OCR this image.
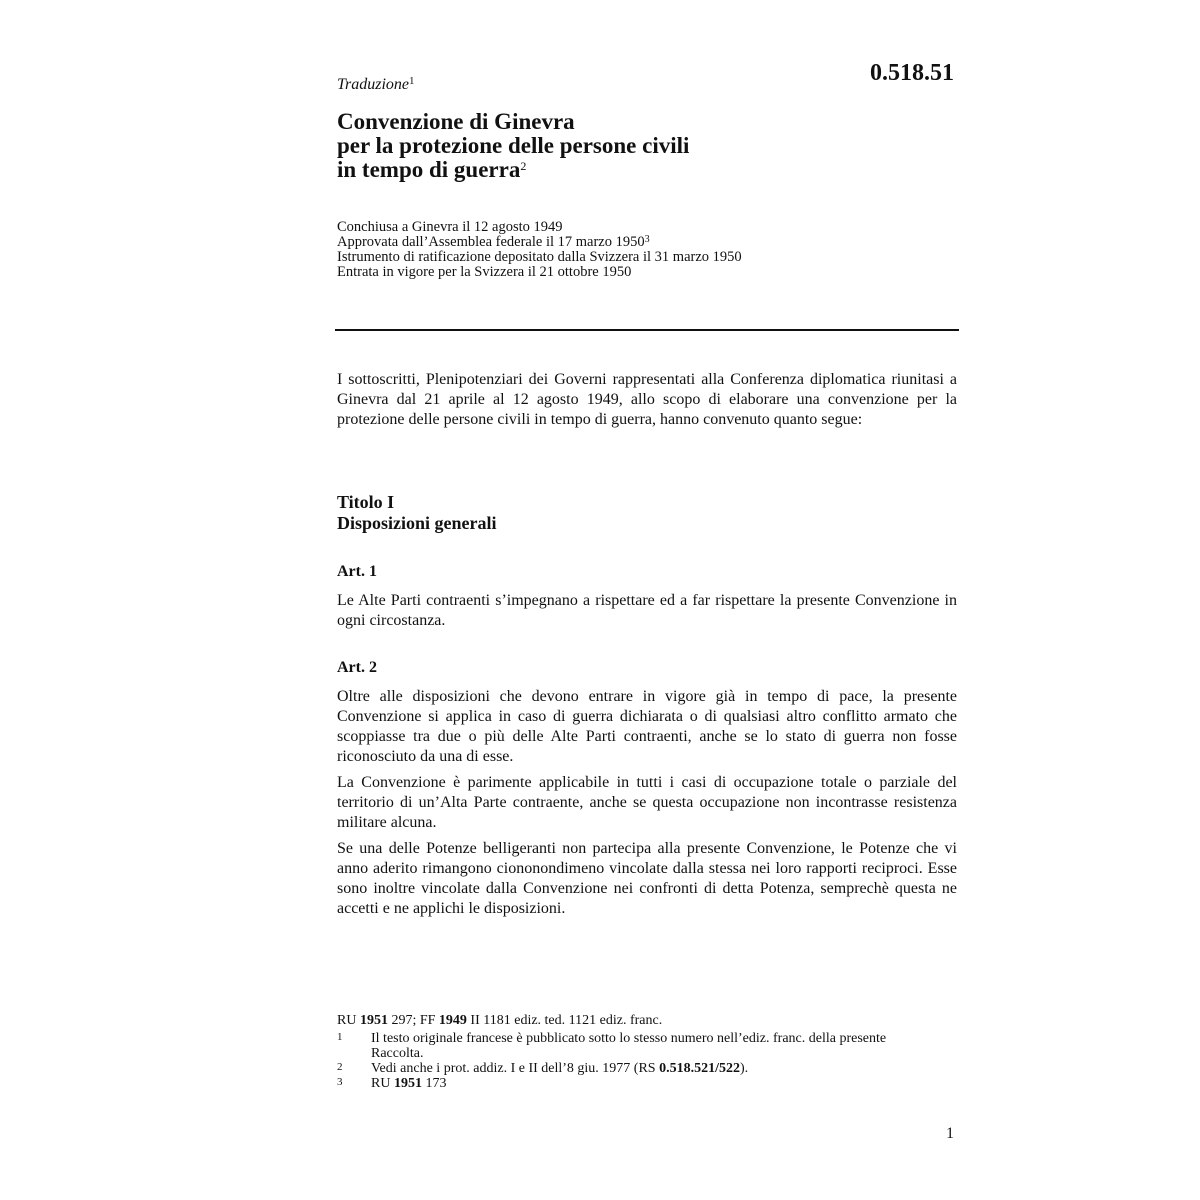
Traduzione$^1$	0.518.51
Convenzione di Ginevra
per la protezione delle persone civili
in tempo di guerra$^2$
Conchiusa a Ginevra il 12 agosto 1949
Approvata dall’Assemblea federale il 17 marzo 1950$^3$
Istrumento di ratificazione depositato dalla Svizzera il 31 marzo 1950
Entrata in vigore per la Svizzera il 21 ottobre 1950

I sottoscritti, Plenipotenziari dei Governi rappresentati alla Conferenza diplomatica riunitasi a Ginevra dal 21 aprile al 12 agosto 1949, allo scopo di elaborare una convenzione per la protezione delle persone civili in tempo di guerra, hanno convenuto quanto segue:

Titolo I
Disposizioni generali
Art. 1

Le Alte Parti contraenti s’impegnano a rispettare ed a far rispettare la presente Convenzione in ogni circostanza.

Art. 2

Oltre alle disposizioni che devono entrare in vigore già in tempo di pace, la presente Convenzione si applica in caso di guerra dichiarata o di qualsiasi altro conflitto armato che scoppiasse tra due o più delle Alte Parti contraenti, anche se lo stato di guerra non fosse riconosciuto da una di esse.

La Convenzione è parimente applicabile in tutti i casi di occupazione totale o parziale del territorio di un’Alta Parte contraente, anche se questa occupazione non incontrasse resistenza militare alcuna.

Se una delle Potenze belligeranti non partecipa alla presente Convenzione, le Potenze che vi anno aderito rimangono ciononondimeno vincolate dalla stessa nei loro rapporti reciproci. Esse sono inoltre vincolate dalla Convenzione nei confronti di detta Potenza, semprechè questa ne accetti e ne applichi le disposizioni.

RU 1951 297; FF 1949 II 1181 ediz. ted. 1121 ediz. franc.
1	Il testo originale francese è pubblicato sotto lo stesso numero nell’ediz. franc. della presente Raccolta.
2	Vedi anche i prot. addiz. I e II dell’8 giu. 1977 (RS 0.518.521/522).
3	RU 1951 173
1
